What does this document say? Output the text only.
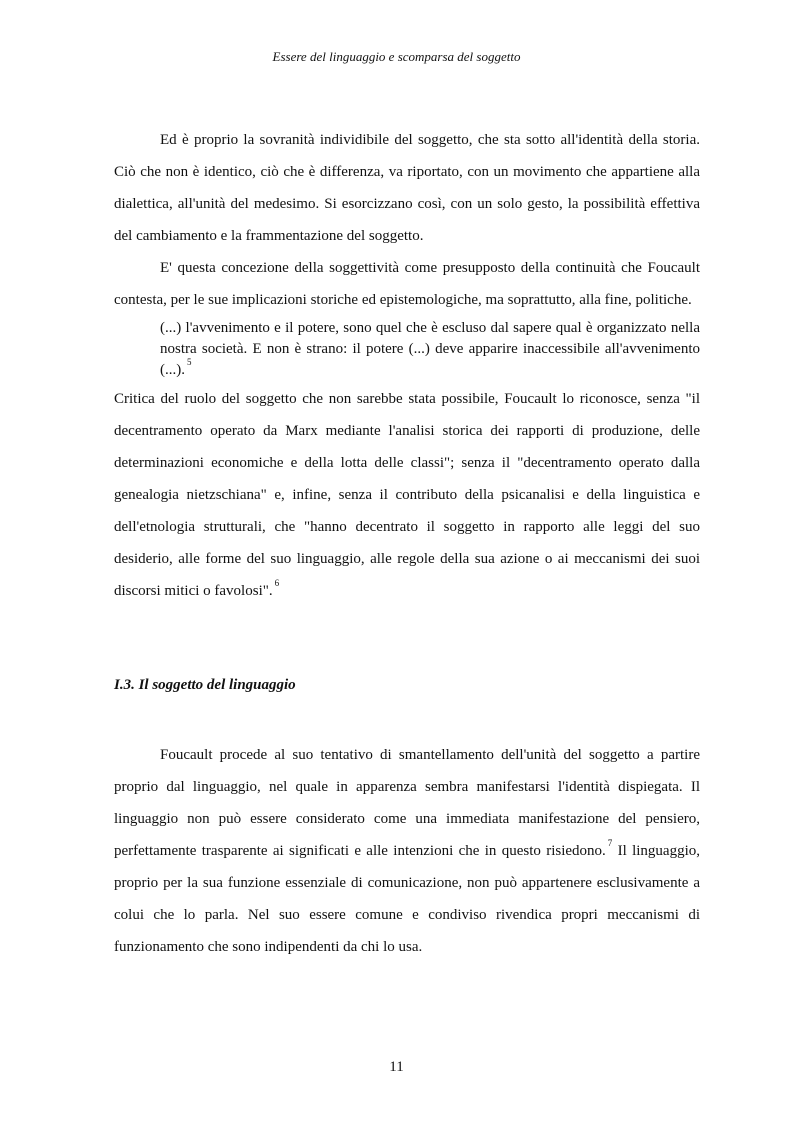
Essere del linguaggio e scomparsa del soggetto

Ed è proprio la sovranità individibile del soggetto, che sta sotto all'identità della storia. Ciò che non è identico, ciò che è differenza, va riportato, con un movimento che appartiene alla dialettica, all'unità del medesimo. Si esorcizzano così, con un solo gesto, la possibilità effettiva del cambiamento e la frammentazione del soggetto.

E' questa concezione della soggettività come presupposto della continuità che Foucault contesta, per le sue implicazioni storiche ed epistemologiche, ma soprattutto, alla fine, politiche.

(...) l'avvenimento e il potere, sono quel che è escluso dal sapere qual è organizzato nella nostra società. E non è strano: il potere (...) deve apparire inaccessibile all'avvenimento (...). $^5$

Critica del ruolo del soggetto che non sarebbe stata possibile, Foucault lo riconosce, senza "il decentramento operato da Marx mediante l'analisi storica dei rapporti di produzione, delle determinazioni economiche e della lotta delle classi"; senza il "decentramento operato dalla genealogia nietzschiana" e, infine, senza il contributo della psicanalisi e della linguistica e dell'etnologia strutturali, che "hanno decentrato il soggetto in rapporto alle leggi del suo desiderio, alle forme del suo linguaggio, alle regole della sua azione o ai meccanismi dei suoi discorsi mitici o favolosi". $^6$

I.3. Il soggetto del linguaggio

Foucault procede al suo tentativo di smantellamento dell'unità del soggetto a partire proprio dal linguaggio, nel quale in apparenza sembra manifestarsi l'identità dispiegata. Il linguaggio non può essere considerato come una immediata manifestazione del pensiero, perfettamente trasparente ai significati e alle intenzioni che in questo risiedono. $^7$ Il linguaggio, proprio per la sua funzione essenziale di comunicazione, non può appartenere esclusivamente a colui che lo parla. Nel suo essere comune e condiviso rivendica propri meccanismi di funzionamento che sono indipendenti da chi lo usa.

11
